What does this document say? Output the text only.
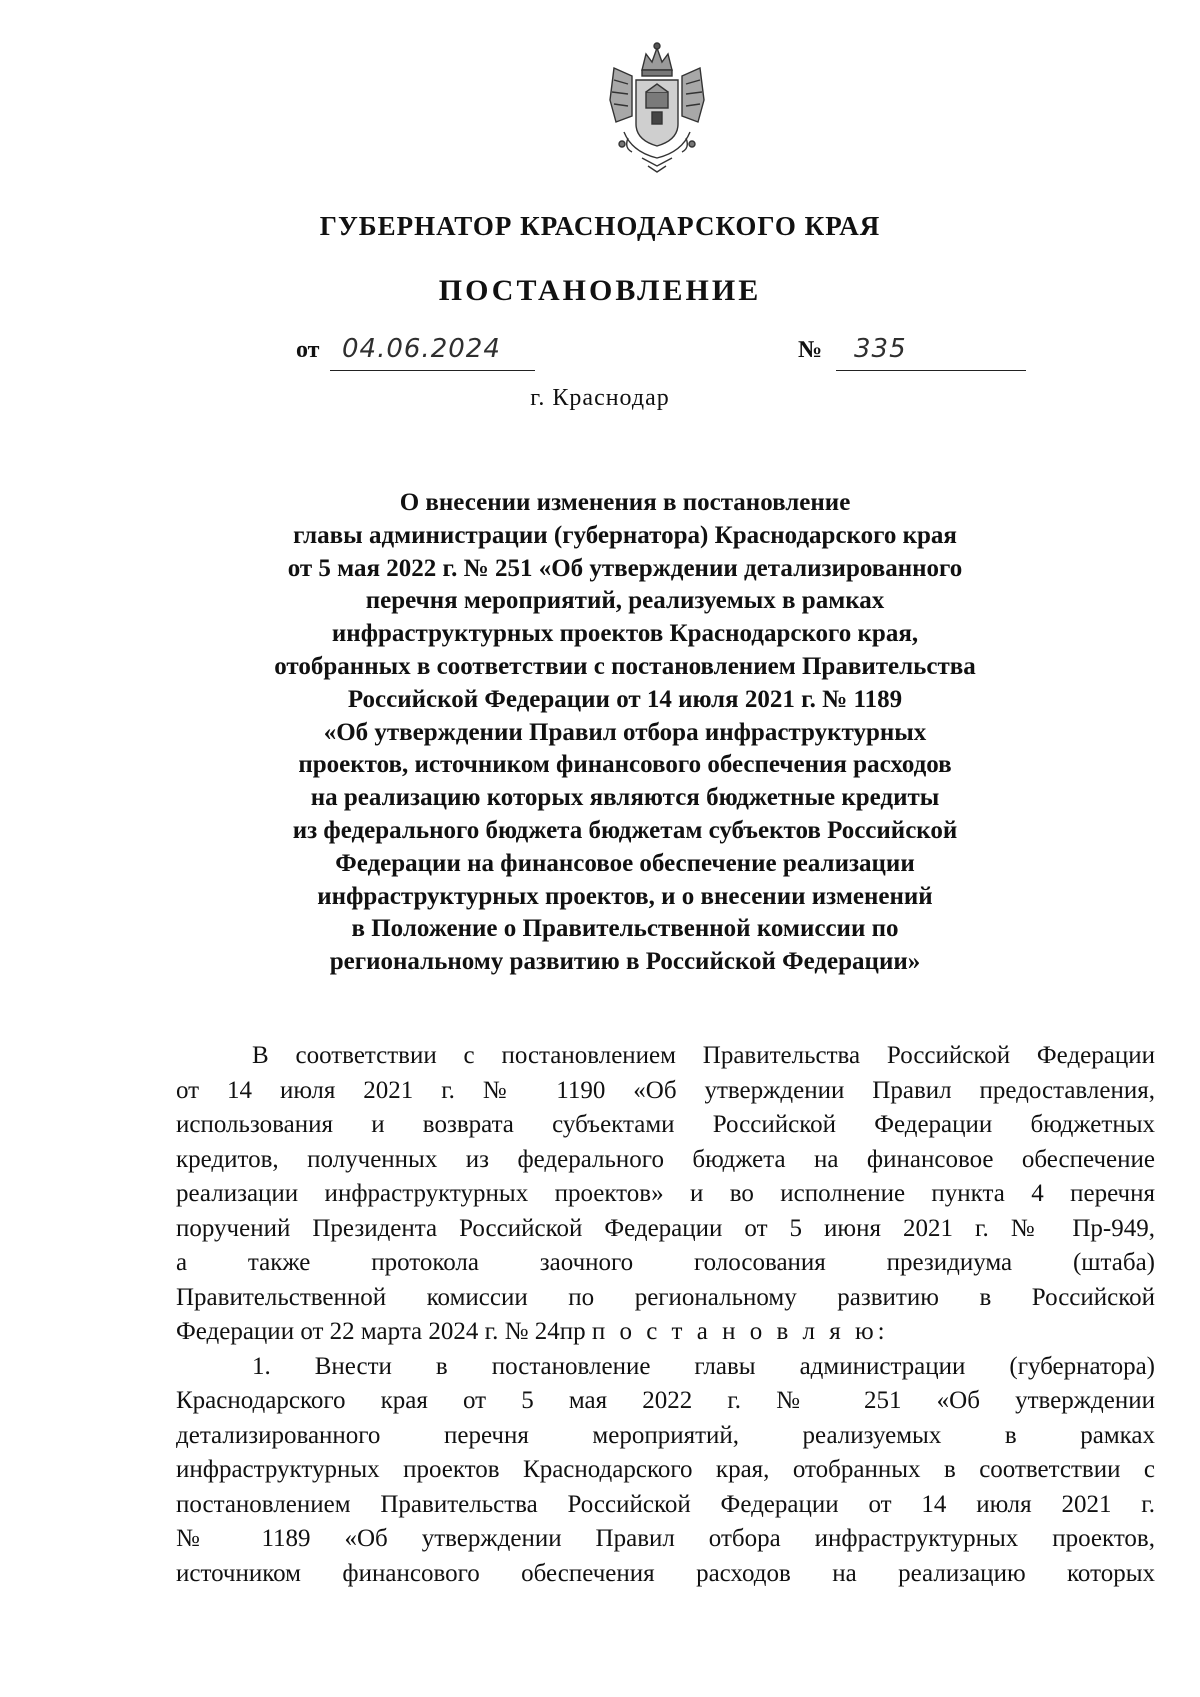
ГУБЕРНАТОР КРАСНОДАРСКОГО КРАЯ
ПОСТАНОВЛЕНИЕ
от 04.06.2024	№ 335
г. Краснодар
О внесении изменения в постановление
главы администрации (губернатора) Краснодарского края
от 5 мая 2022 г. № 251 «Об утверждении детализированного
перечня мероприятий, реализуемых в рамках
инфраструктурных проектов Краснодарского края,
отобранных в соответствии с постановлением Правительства
Российской Федерации от 14 июля 2021 г. № 1189
«Об утверждении Правил отбора инфраструктурных
проектов, источником финансового обеспечения расходов
на реализацию которых являются бюджетные кредиты
из федерального бюджета бюджетам субъектов Российской
Федерации на финансовое обеспечение реализации
инфраструктурных проектов, и о внесении изменений
в Положение о Правительственной комиссии по
региональному развитию в Российской Федерации»
В соответствии с постановлением Правительства Российской Федерации
от 14 июля 2021 г. № 1190 «Об утверждении Правил предоставления,
использования и возврата субъектами Российской Федерации бюджетных
кредитов, полученных из федерального бюджета на финансовое обеспечение
реализации инфраструктурных проектов» и во исполнение пункта 4 перечня
поручений Президента Российской Федерации от 5 июня 2021 г. № Пр-949,
а также протокола заочного голосования президиума (штаба)
Правительственной комиссии по региональному развитию в Российской
Федерации от 22 марта 2024 г. № 24пр п о с т а н о в л я ю:
1. Внести в постановление главы администрации (губернатора)
Краснодарского края от 5 мая 2022 г. № 251 «Об утверждении
детализированного перечня мероприятий, реализуемых в рамках
инфраструктурных проектов Краснодарского края, отобранных в соответствии с
постановлением Правительства Российской Федерации от 14 июля 2021 г.
№ 1189 «Об утверждении Правил отбора инфраструктурных проектов,
источником финансового обеспечения расходов на реализацию которых
